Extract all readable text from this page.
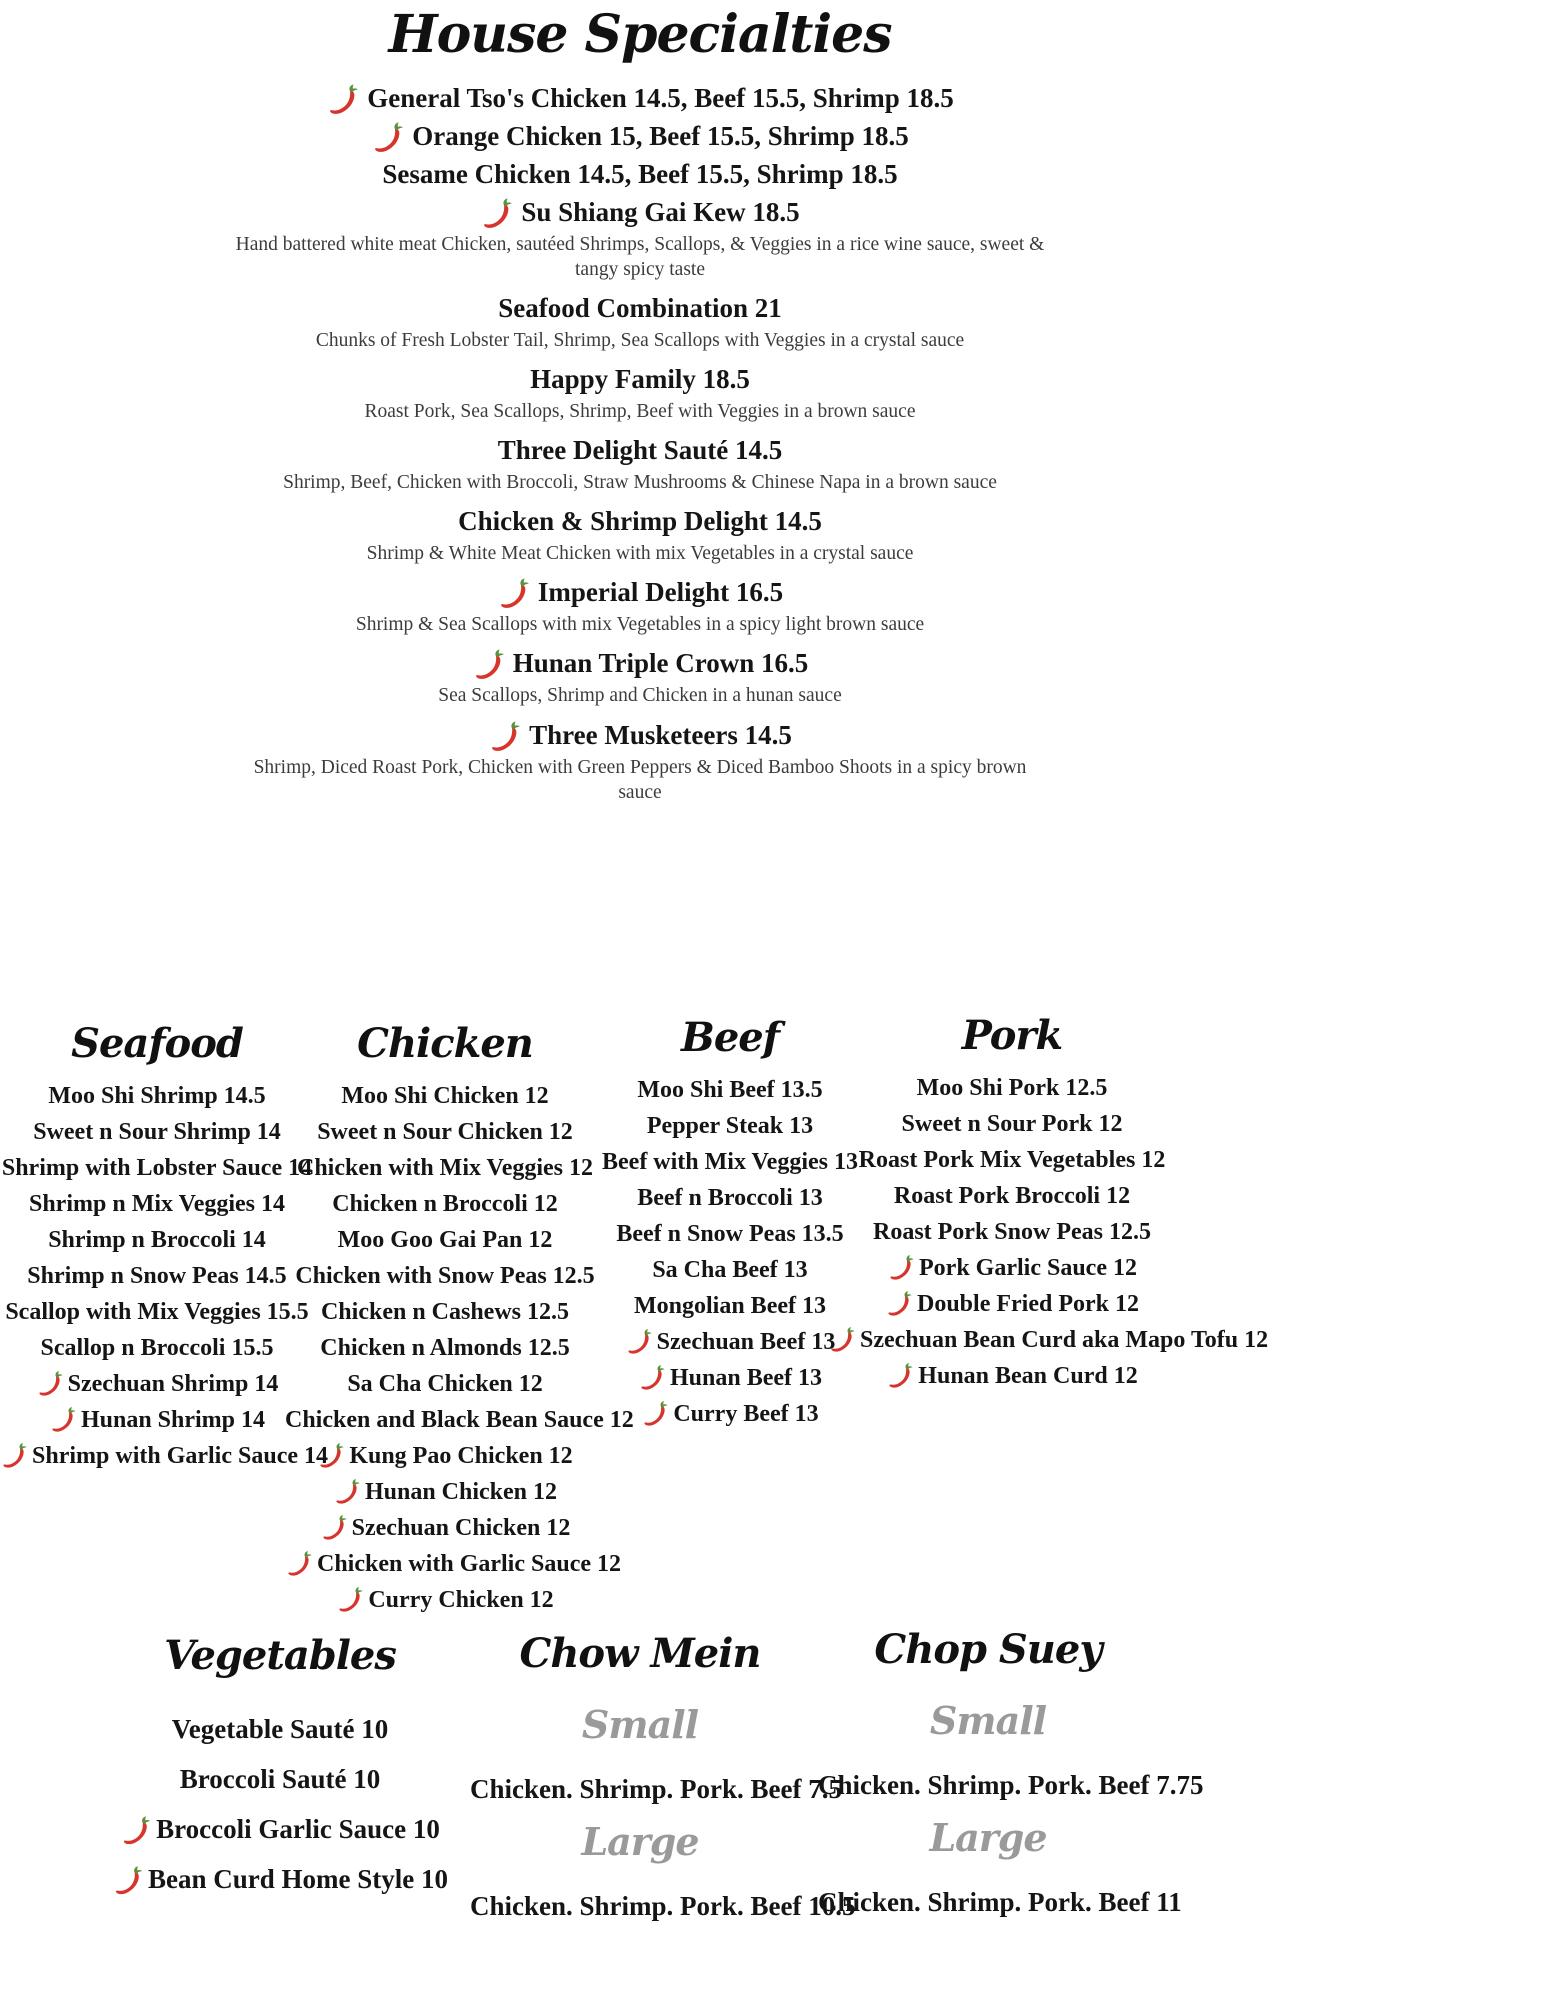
House Specialties
General Tso's Chicken 14.5, Beef 15.5, Shrimp 18.5
Orange Chicken 15, Beef 15.5, Shrimp 18.5
Sesame Chicken 14.5, Beef 15.5, Shrimp 18.5
Su Shiang Gai Kew 18.5
Hand battered white meat Chicken, sautéed Shrimps, Scallops, & Veggies in a rice wine sauce, sweet & tangy spicy taste
Seafood Combination 21
Chunks of Fresh Lobster Tail, Shrimp, Sea Scallops with Veggies in a crystal sauce
Happy Family 18.5
Roast Pork, Sea Scallops, Shrimp, Beef with Veggies in a brown sauce
Three Delight Sauté 14.5
Shrimp, Beef, Chicken with Broccoli, Straw Mushrooms & Chinese Napa in a brown sauce
Chicken & Shrimp Delight 14.5
Shrimp & White Meat Chicken with mix Vegetables in a crystal sauce
Imperial Delight 16.5
Shrimp & Sea Scallops with mix Vegetables in a spicy light brown sauce
Hunan Triple Crown 16.5
Sea Scallops, Shrimp and Chicken in a hunan sauce
Three Musketeers 14.5
Shrimp, Diced Roast Pork, Chicken with Green Peppers & Diced Bamboo Shoots in a spicy brown sauce
Seafood
Moo Shi Shrimp 14.5
Sweet n Sour Shrimp 14
Shrimp with Lobster Sauce 14
Shrimp n Mix Veggies 14
Shrimp n Broccoli 14
Shrimp n Snow Peas 14.5
Scallop with Mix Veggies 15.5
Scallop n Broccoli 15.5
Szechuan Shrimp 14
Hunan Shrimp 14
Shrimp with Garlic Sauce 14
Chicken
Moo Shi Chicken 12
Sweet n Sour Chicken 12
Chicken with Mix Veggies 12
Chicken n Broccoli 12
Moo Goo Gai Pan 12
Chicken with Snow Peas 12.5
Chicken n Cashews 12.5
Chicken n Almonds 12.5
Sa Cha Chicken 12
Chicken and Black Bean Sauce 12
Kung Pao Chicken 12
Hunan Chicken 12
Szechuan Chicken 12
Chicken with Garlic Sauce 12
Curry Chicken 12
Beef
Moo Shi Beef 13.5
Pepper Steak 13
Beef with Mix Veggies 13
Beef n Broccoli 13
Beef n Snow Peas 13.5
Sa Cha Beef 13
Mongolian Beef 13
Szechuan Beef 13
Hunan Beef 13
Curry Beef 13
Pork
Moo Shi Pork 12.5
Sweet n Sour Pork 12
Roast Pork Mix Vegetables 12
Roast Pork Broccoli 12
Roast Pork Snow Peas 12.5
Pork Garlic Sauce 12
Double Fried Pork 12
Szechuan Bean Curd aka Mapo Tofu 12
Hunan Bean Curd 12
Vegetables
Vegetable Sauté 10
Broccoli Sauté 10
Broccoli Garlic Sauce 10
Bean Curd Home Style 10
Chow Mein
Small
Chicken. Shrimp. Pork. Beef 7.5
Large
Chicken. Shrimp. Pork. Beef 10.5
Chop Suey
Small
Chicken. Shrimp. Pork. Beef 7.75
Large
Chicken. Shrimp. Pork. Beef 11
